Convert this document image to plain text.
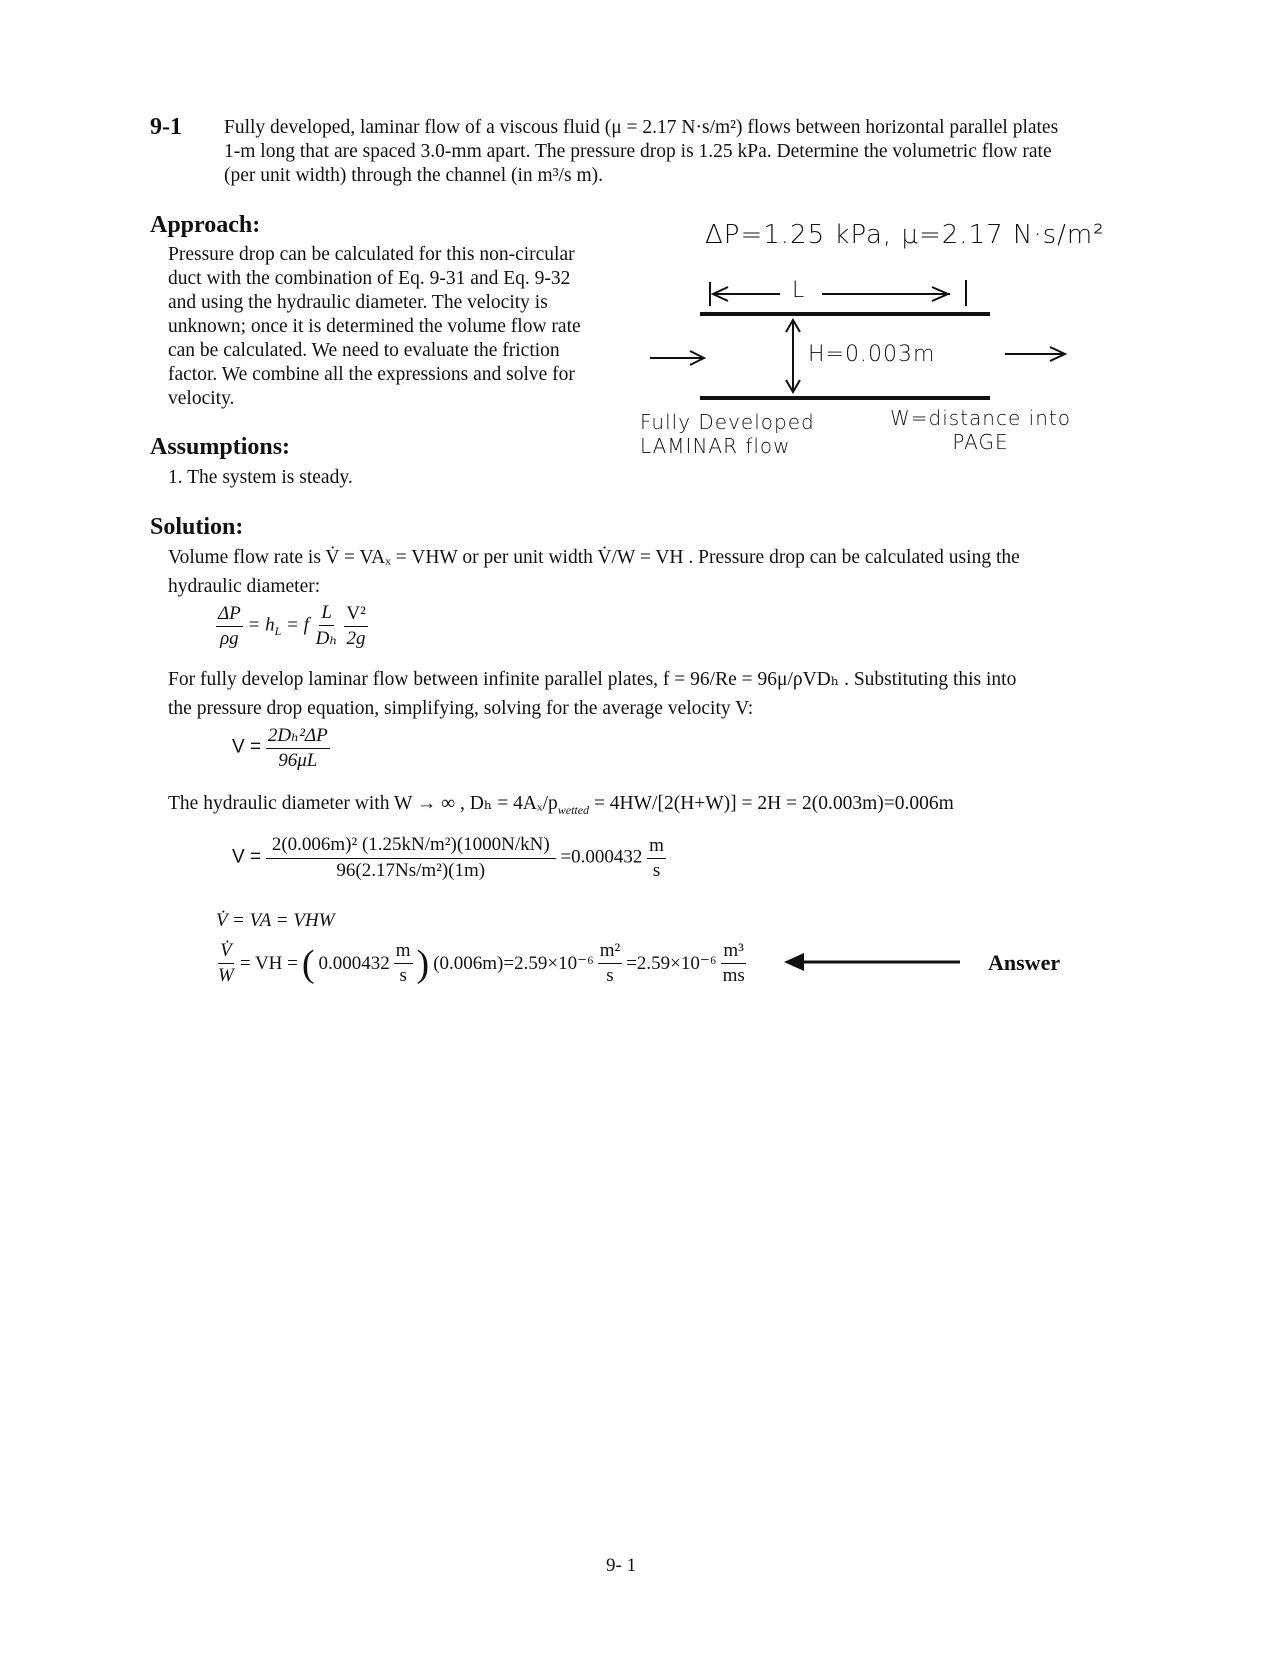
9-1 Fully developed, laminar flow of a viscous fluid (μ = 2.17 N·s/m²) flows between horizontal parallel plates
1-m long that are spaced 3.0-mm apart. The pressure drop is 1.25 kPa. Determine the volumetric flow rate
(per unit width) through the channel (in m³/s m).
Approach:
Pressure drop can be calculated for this non-circular
duct with the combination of Eq. 9-31 and Eq. 9-32
and using the hydraulic diameter. The velocity is
unknown; once it is determined the volume flow rate
can be calculated. We need to evaluate the friction
factor. We combine all the expressions and solve for
velocity.
ΔP=1.25 kPa, μ=2.17 N·s/m²
L
H=0.003m
Fully Developed
LAMINAR flow
W=distance into
PAGE
Assumptions:
1. The system is steady.
Solution:
Volume flow rate is V̇ = VAₓ = VHW or per unit width V̇/W = VH . Pressure drop can be calculated using the
hydraulic diameter:
$\frac{\Delta P}{\rho g} = h_L = f \frac{L}{\text{Dₕ}}$
$\frac{\text{V²}}{2g}$
For fully develop laminar flow between infinite parallel plates, f = 96/Re = 96μ/ρVDₕ . Substituting this into
the pressure drop equation, simplifying, solving for the average velocity V:
$V = \frac{\text{2Dₕ²ΔP}}{96\mu L}$
The hydraulic diameter with W → ∞ , $D_h = 4A_x/p_{wetted} = 4HW/[2(H+W)] = 2H = 2(0.003m)=0.006m$
$V = \frac{\text{2(0.006m)² (1.25kN/m²)(1000N/kN)}}{\text{96(2.17Ns/m²)(1m)}} =0.000432 \frac{m}{s}$
V̇ = VA = VHW
$\frac{V̇}{W}$ = VH = ( $0.000432 \frac{m}{s}$ ) $(0.006m)=2.59\times 10^{-6} \frac{\text{m²}}{s} =2.59\times 10^{-6} \frac{\text{m³}}{ms}$	Answer
9- 1
